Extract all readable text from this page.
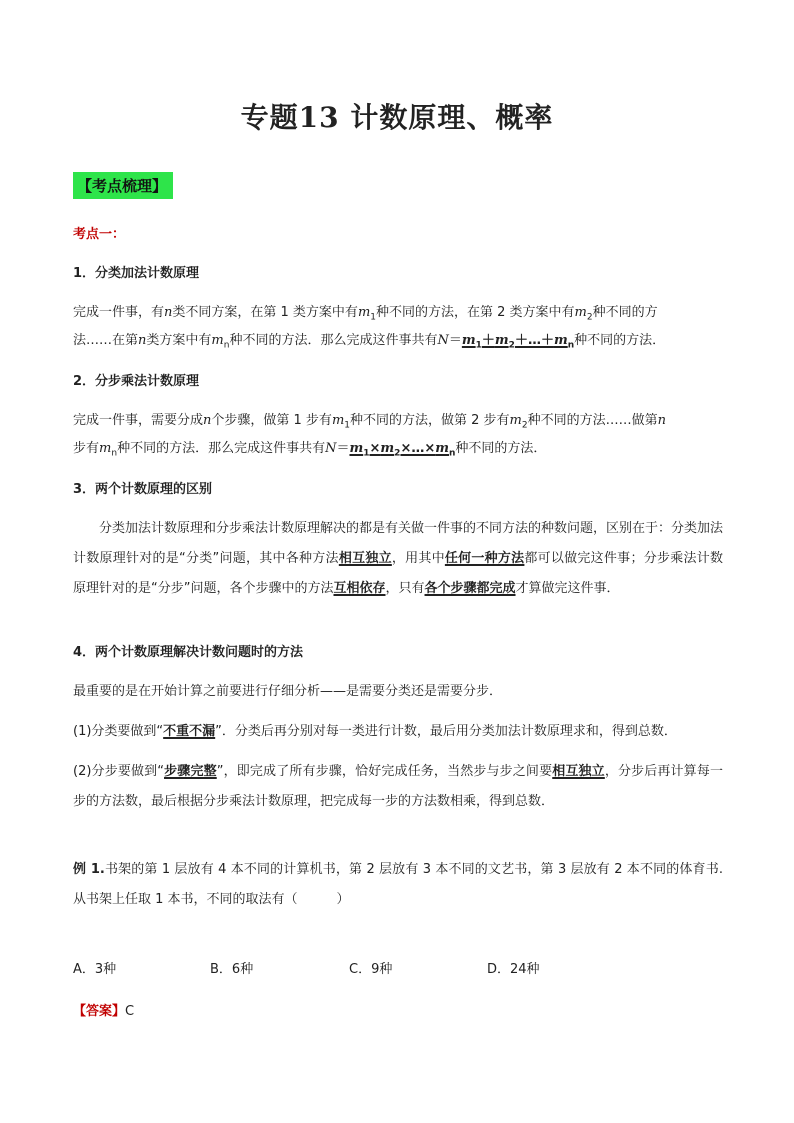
专题13 计数原理、概率
【考点梳理】
考点一：
1．分类加法计数原理
完成一件事，有n类不同方案，在第 1 类方案中有$m_1$种不同的方法，在第 2 类方案中有$m_2$种不同的方
法……在第n类方案中有$m_n$种不同的方法．那么完成这件事共有$N=m_1+m_2+\dots+m_n$种不同的方法．
2．分步乘法计数原理
完成一件事，需要分成n个步骤，做第 1 步有$m_1$种不同的方法，做第 2 步有$m_2$种不同的方法……做第n
步有$m_n$种不同的方法．那么完成这件事共有$N=m_1\times m_2\times\dots\times m_n$种不同的方法．
3．两个计数原理的区别
分类加法计数原理和分步乘法计数原理解决的都是有关做一件事的不同方法的种数问题，区别在于：分类加法计数原理针对的是“分类”问题，其中各种方法相互独立，用其中任何一种方法都可以做完这件事；分步乘法计数原理针对的是“分步”问题，各个步骤中的方法互相依存，只有各个步骤都完成才算做完这件事．
4．两个计数原理解决计数问题时的方法
最重要的是在开始计算之前要进行仔细分析——是需要分类还是需要分步．
(1)分类要做到“不重不漏”．分类后再分别对每一类进行计数，最后用分类加法计数原理求和，得到总数．
(2)分步要做到“步骤完整”，即完成了所有步骤，恰好完成任务，当然步与步之间要相互独立，分步后再计算每一步的方法数，最后根据分步乘法计数原理，把完成每一步的方法数相乘，得到总数．
例 1.书架的第 1 层放有 4 本不同的计算机书，第 2 层放有 3 本不同的文艺书，第 3 层放有 2 本不同的体育书.从书架上任取 1 本书，不同的取法有（　　　）
A．3种	B．6种	C．9种	D．24种
【答案】C
